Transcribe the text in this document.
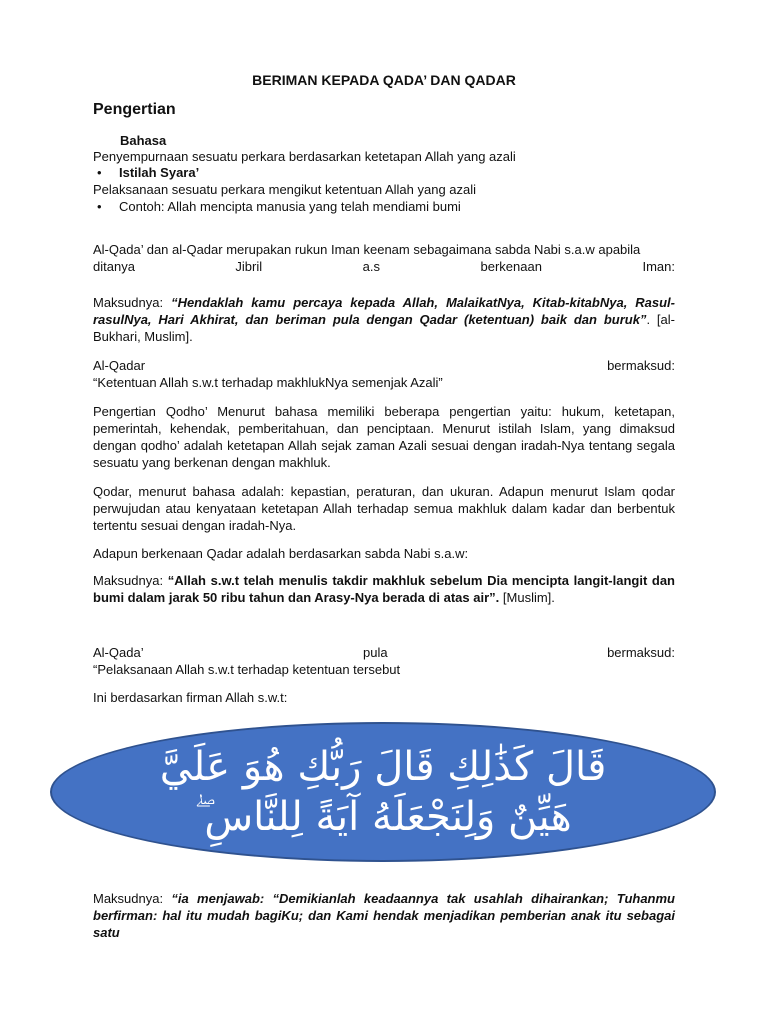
BERIMAN KEPADA QADA’ DAN QADAR
Pengertian
Bahasa
Penyempurnaan sesuatu perkara berdasarkan ketetapan Allah yang azali
• Istilah Syara’
Pelaksanaan sesuatu perkara mengikut ketentuan Allah yang azali
• Contoh: Allah mencipta manusia yang telah mendiami bumi
Al-Qada’ dan al-Qadar merupakan rukun Iman keenam sebagaimana sabda Nabi s.a.w apabila
ditanya	Jibril	a.s	berkenaan	Iman:
Maksudnya: “Hendaklah kamu percaya kepada Allah, MalaikatNya, Kitab-kitabNya, Rasul-rasulNya, Hari Akhirat, dan beriman pula dengan Qadar (ketentuan) baik dan buruk”. [al-Bukhari, Muslim].
Al-Qadar	bermaksud:
“Ketentuan Allah s.w.t terhadap makhlukNya semenjak Azali”
Pengertian Qodho’ Menurut bahasa memiliki beberapa pengertian yaitu: hukum, ketetapan, pemerintah, kehendak, pemberitahuan, dan penciptaan. Menurut istilah Islam, yang dimaksud dengan qodho’ adalah ketetapan Allah sejak zaman Azali sesuai dengan iradah-Nya tentang segala sesuatu yang berkenan dengan makhluk.
Qodar, menurut bahasa adalah: kepastian, peraturan, dan ukuran. Adapun menurut Islam qodar perwujudan atau kenyataan ketetapan Allah terhadap semua makhluk dalam kadar dan berbentuk tertentu sesuai dengan iradah-Nya.
Adapun berkenaan Qadar adalah berdasarkan sabda Nabi s.a.w:
Maksudnya: “Allah s.w.t telah menulis takdir makhluk sebelum Dia mencipta langit-langit dan bumi dalam jarak 50 ribu tahun dan Arasy-Nya berada di atas air”. [Muslim].
Al-Qada’	pula	bermaksud:
“Pelaksanaan Allah s.w.t terhadap ketentuan tersebut
Ini berdasarkan firman Allah s.w.t:
Maksudnya: “ia menjawab: “Demikianlah keadaannya tak usahlah dihairankan; Tuhanmu berfirman: hal itu mudah bagiKu; dan Kami hendak menjadikan pemberian anak itu sebagai satu
قَالَ كَذَٰلِكِ قَالَ رَبُّكِ هُوَ عَلَيَّ
هَيِّنٌ وَلِنَجْعَلَهُ آيَةً لِلنَّاسِ ۖ
